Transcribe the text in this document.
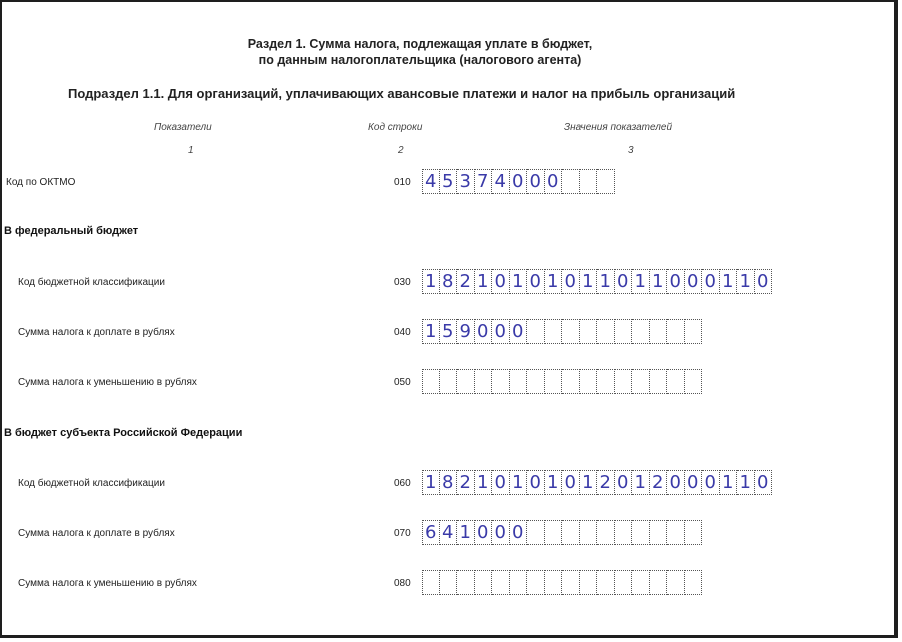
Раздел 1. Сумма налога, подлежащая уплате в бюджет,
по данным налогоплательщика (налогового агента)
Подраздел 1.1. Для организаций, уплачивающих авансовые платежи и налог на прибыль организаций
Показатели	Код строки	Значения показателей
1	2	3
Код по ОКТМО	010 4 5 3 7 4 0 0 0
В федеральный бюджет
Код бюджетной классификации	030 1 8 2 1 0 1 0 1 0 1 1 0 1 1 0 0 0 1 1 0
Сумма налога к доплате в рублях	040 1 5 9 0 0 0
Сумма налога к уменьшению в рублях	050
В бюджет субъекта Российской Федерации
Код бюджетной классификации	060 1 8 2 1 0 1 0 1 0 1 2 0 1 2 0 0 0 1 1 0
Сумма налога к доплате в рублях	070 6 4 1 0 0 0
Сумма налога к уменьшению в рублях	080
